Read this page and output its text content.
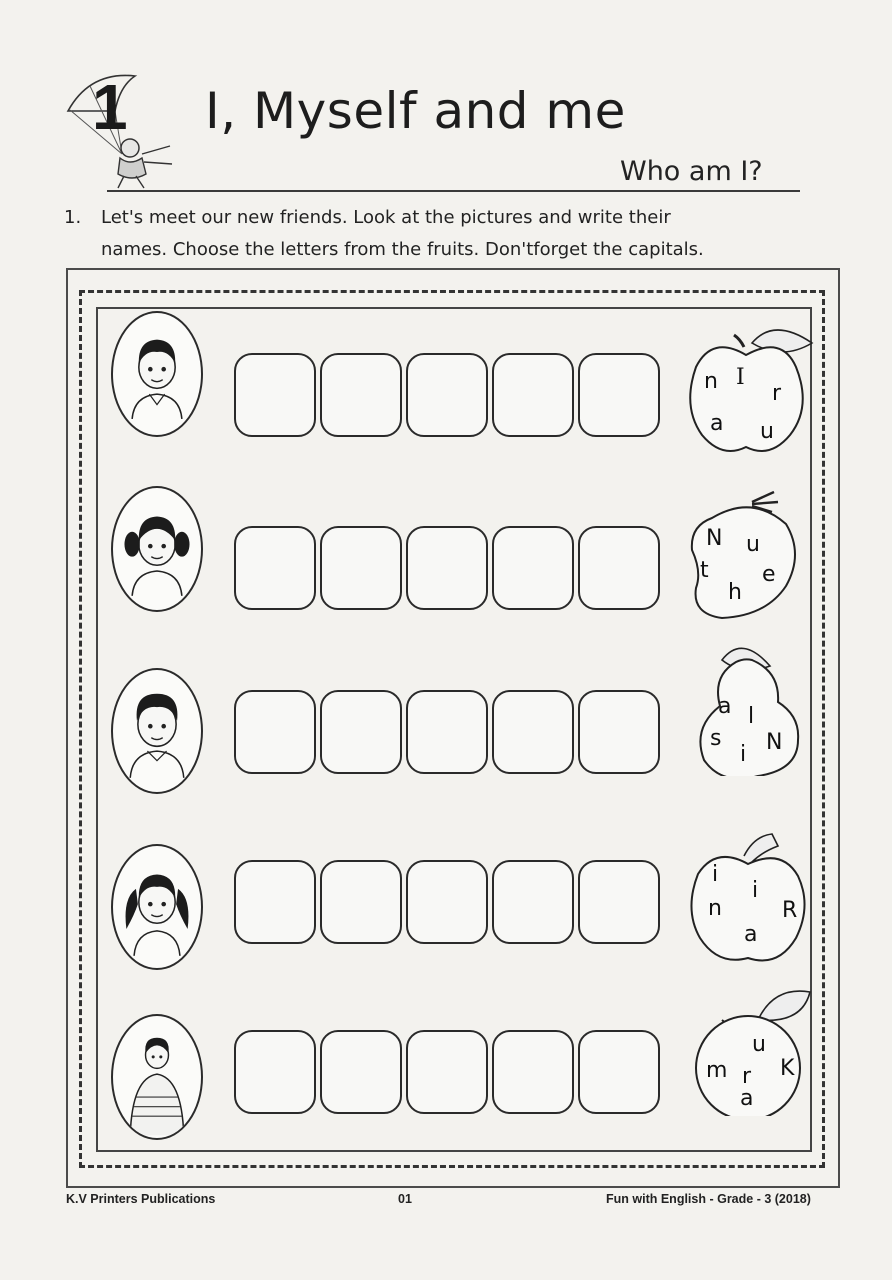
1 I, Myself and me
Who am I?
1. Let's meet our new friends. Look at the pictures and write their
names. Choose the letters from the fruits. Don'tforget the capitals.
n I
r
a u
N u
t e
h
a l
s N
i
i
i
n	R
a
u
m r K
a
K.V Printers Publications	01	Fun with English - Grade - 3 (2018)
